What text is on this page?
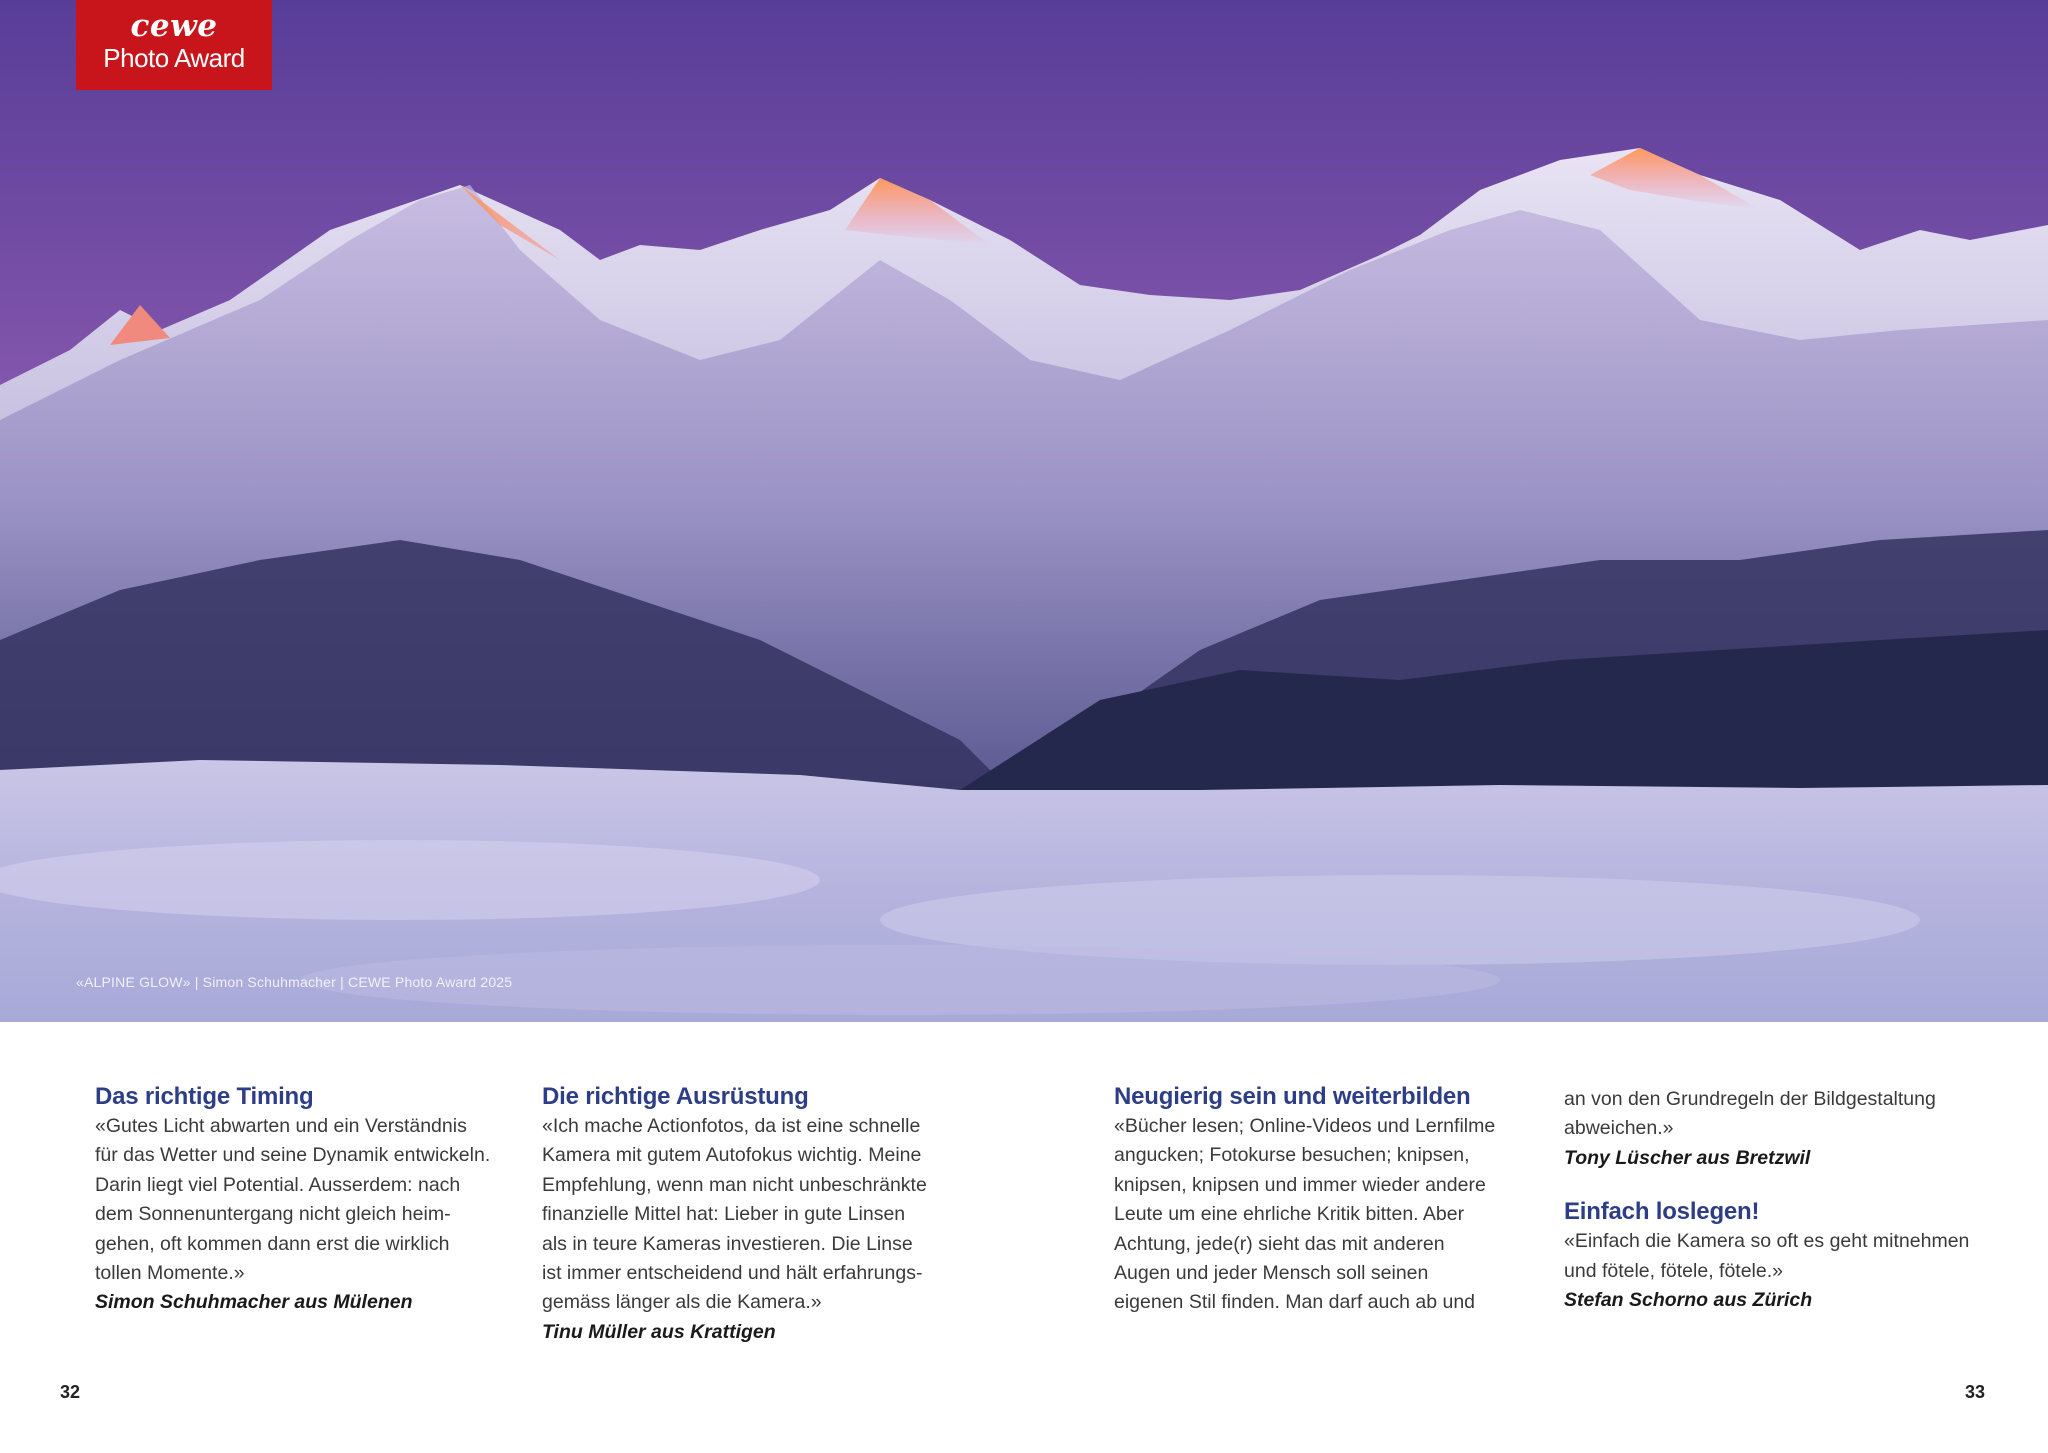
cewe
Photo Award
«ALPINE GLOW» | Simon Schuhmacher | CEWE Photo Award 2025
Das richtige Timing

«Gutes Licht abwarten und ein Verständnis

für das Wetter und seine Dynamik entwickeln.

Darin liegt viel Potential. Ausserdem: nach

dem Sonnenuntergang nicht gleich heim-

gehen, oft kommen dann erst die wirklich

tollen Momente.»

Simon Schuhmacher aus Mülenen

Die richtige Ausrüstung

«Ich mache Actionfotos, da ist eine schnelle

Kamera mit gutem Autofokus wichtig. Meine

Empfehlung, wenn man nicht unbeschränkte

finanzielle Mittel hat: Lieber in gute Linsen

als in teure Kameras investieren. Die Linse

ist immer entscheidend und hält erfahrungs-

gemäss länger als die Kamera.»

Tinu Müller aus Krattigen

Neugierig sein und weiterbilden

«Bücher lesen; Online-Videos und Lernfilme

angucken; Fotokurse besuchen; knipsen,

knipsen, knipsen und immer wieder andere

Leute um eine ehrliche Kritik bitten. Aber

Achtung, jede(r) sieht das mit anderen

Augen und jeder Mensch soll seinen

eigenen Stil finden. Man darf auch ab und

an von den Grundregeln der Bildgestaltung

abweichen.»

Tony Lüscher aus Bretzwil

Einfach loslegen!

«Einfach die Kamera so oft es geht mitnehmen

und fötele, fötele, fötele.»

Stefan Schorno aus Zürich

32	33
